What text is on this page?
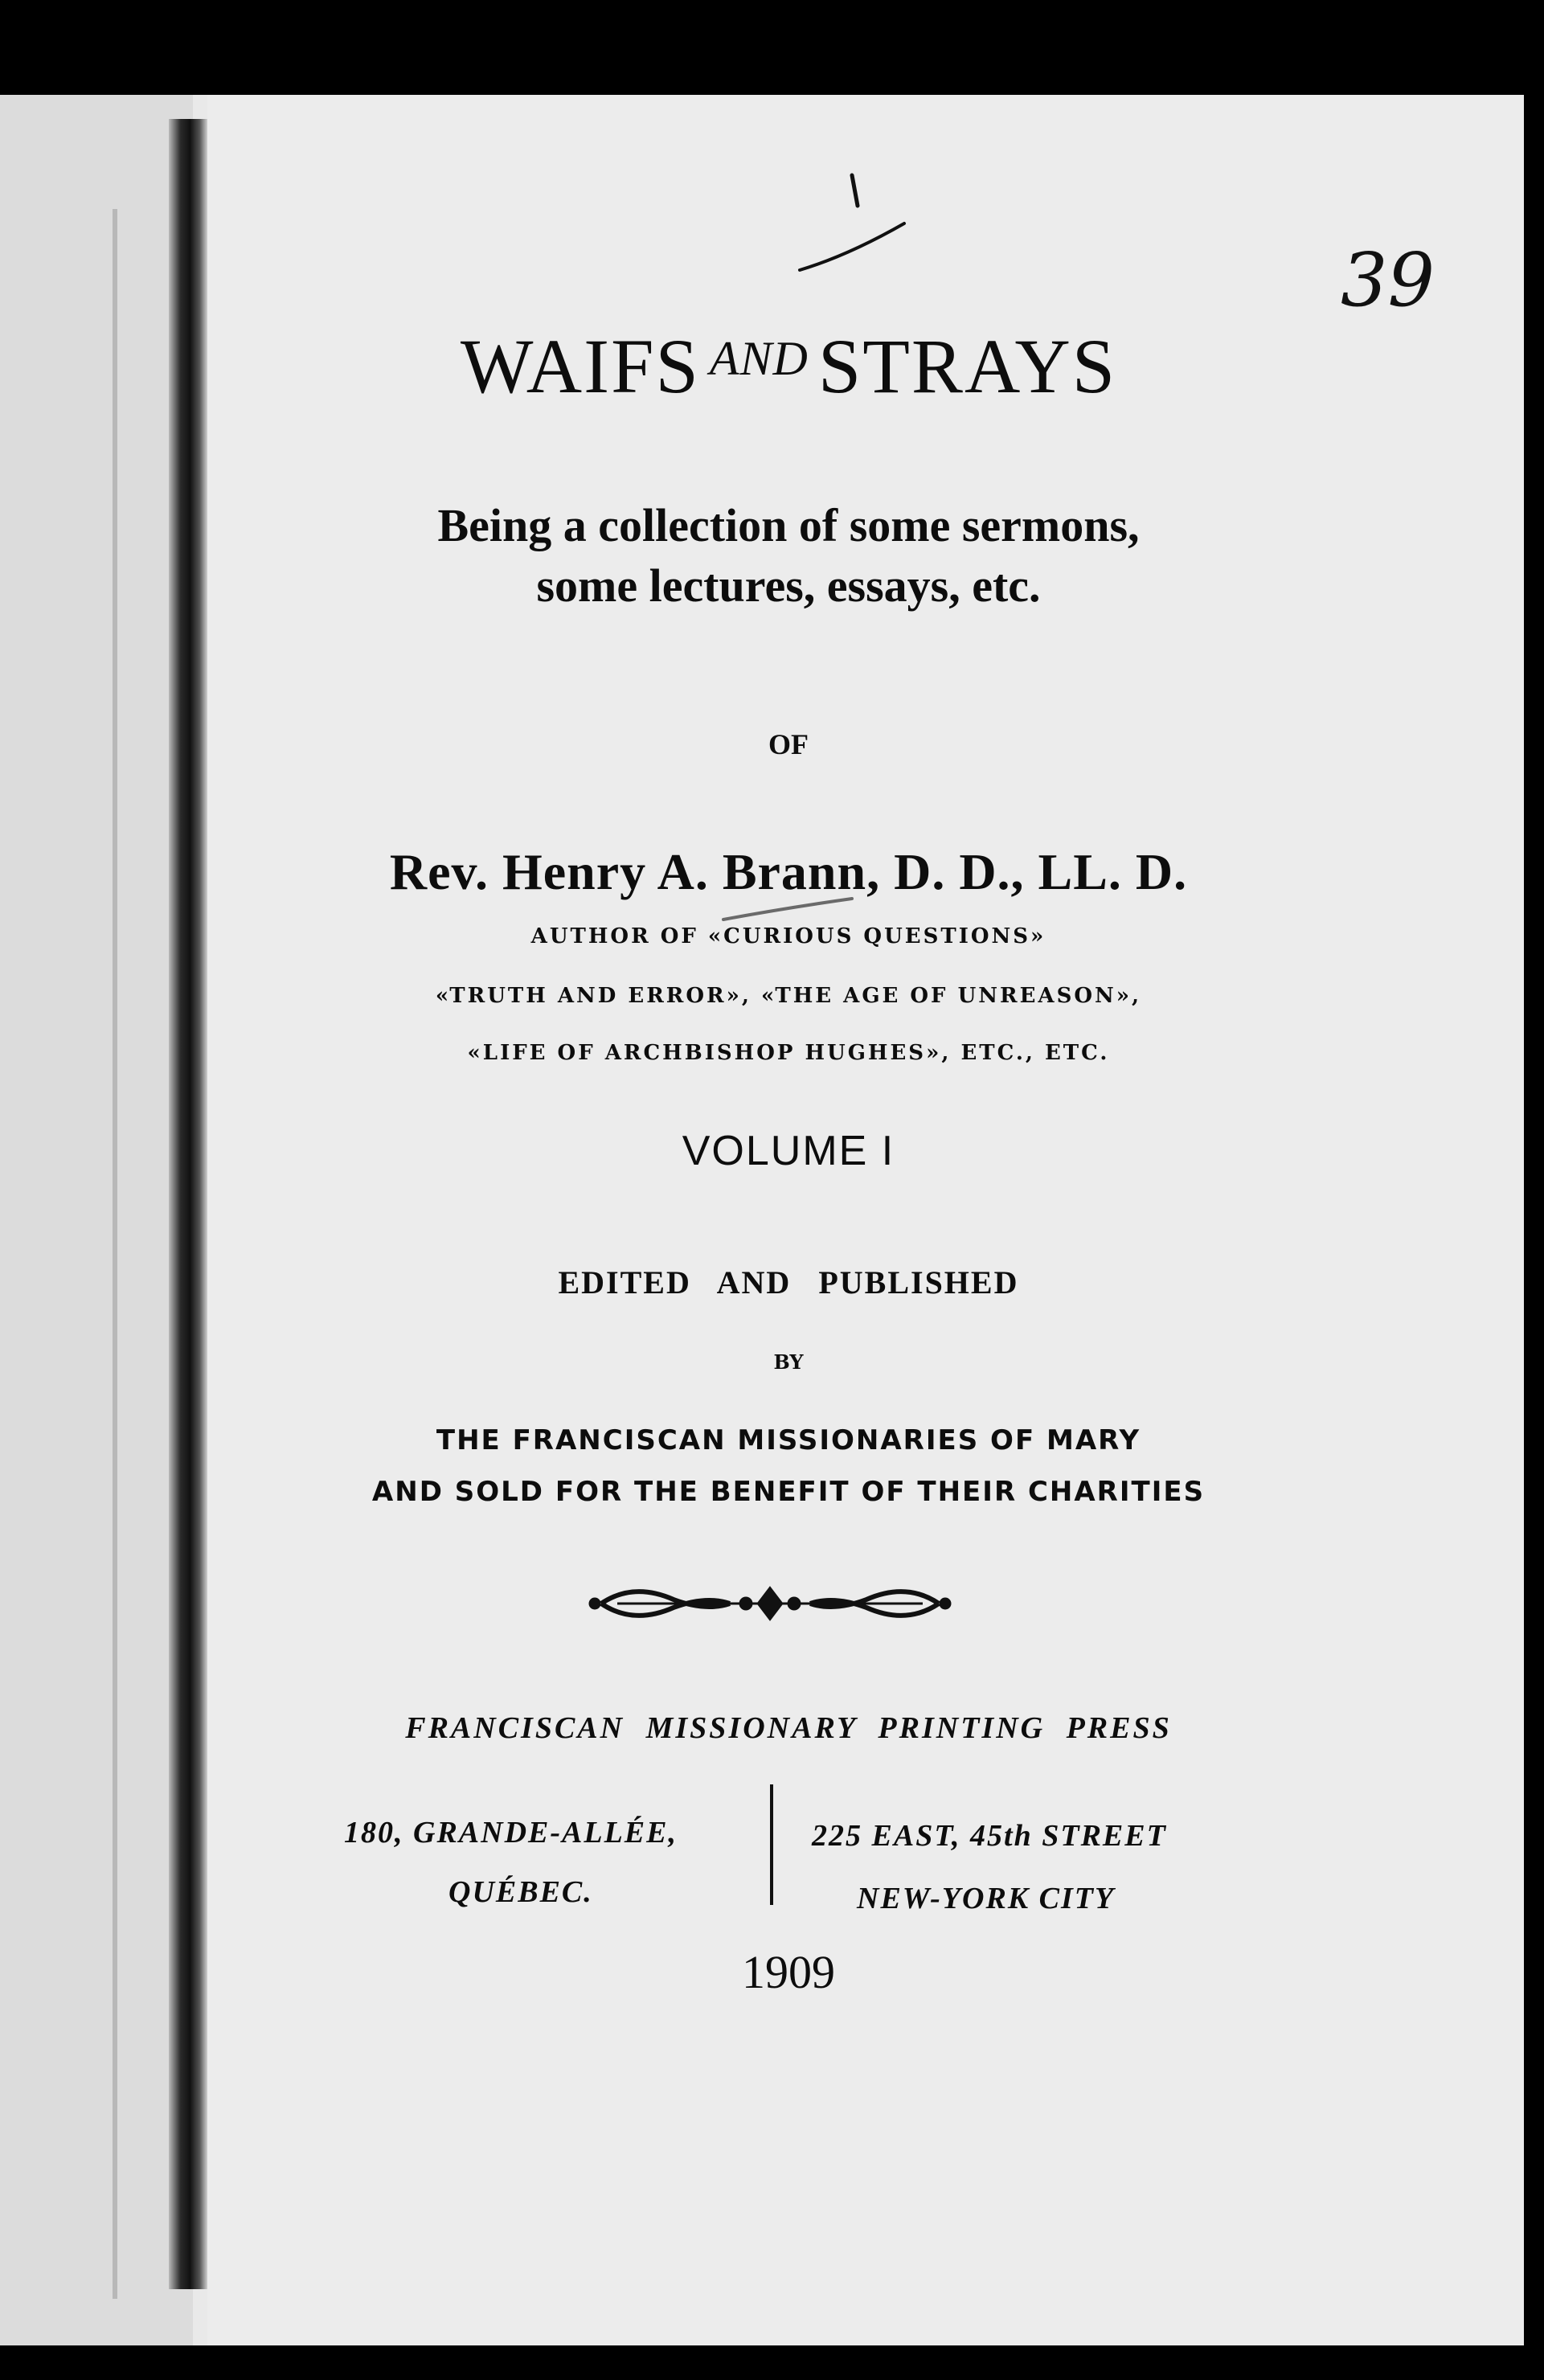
1
39
WAIFS $^{AND}$ STRAYS
Being a collection of some sermons,
some lectures, essays, etc.
OF
Rev. Henry A. Brann, D. D., LL. D.
AUTHOR OF «CURIOUS QUESTIONS»
«TRUTH AND ERROR», «THE AGE OF UNREASON»,
«LIFE OF ARCHBISHOP HUGHES», ETC., ETC.
VOLUME I
EDITED AND PUBLISHED
BY
THE FRANCISCAN MISSIONARIES OF MARY
AND SOLD FOR THE BENEFIT OF THEIR CHARITIES
FRANCISCAN MISSIONARY PRINTING PRESS
180, GRANDE-ALLÉE,
QUÉBEC.
225 EAST, 45th STREET
NEW-YORK CITY
1909
